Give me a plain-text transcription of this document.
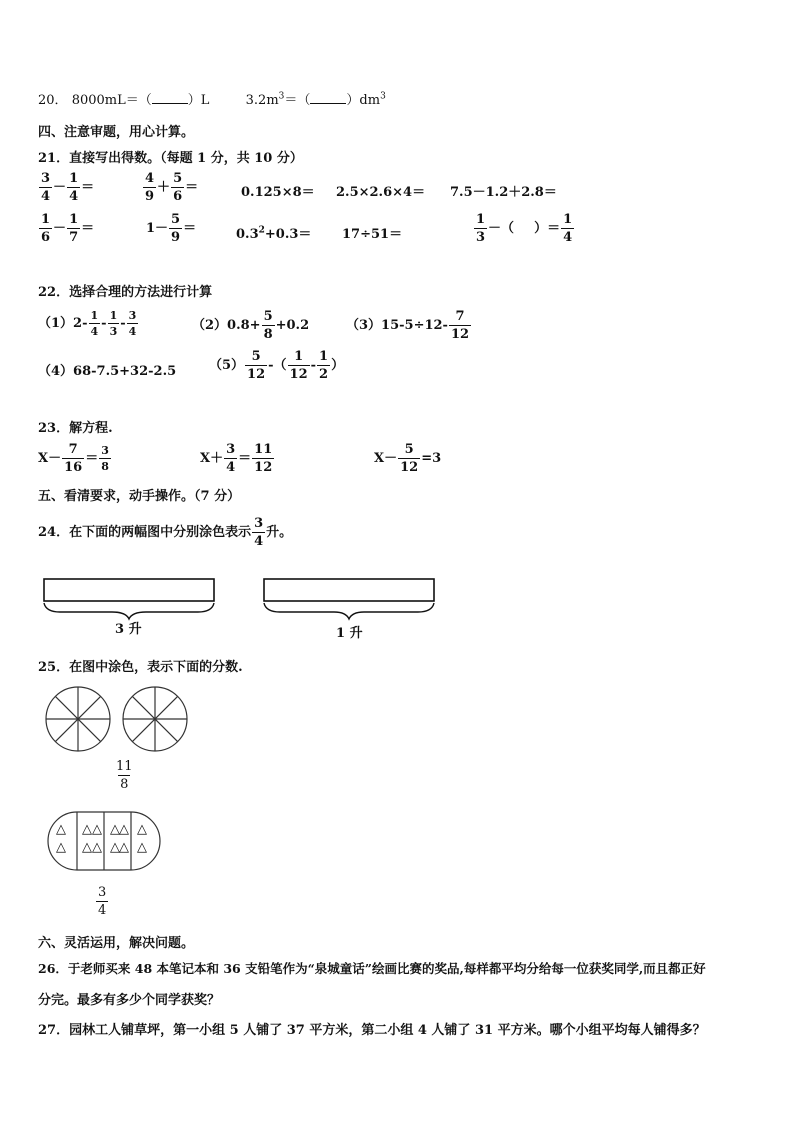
20． 8000mL＝（	）L	$3.2m^3=$（	）$dm^3$
四、注意审题，用心计算。
21．直接写出得数。（每题 1 分，共 10 分）
$\frac{3}{4} - \frac{1}{4}$ ＝	$\frac{4}{9} + \frac{5}{6}$ ＝	0.125×8＝ 2.5×2.6×4＝ 7.5－1.2＋2.8＝
$\frac{1}{6} - \frac{1}{7}$ ＝	$1- \frac{5}{9}$ ＝	$0.3^2+0.3= 17\div 51=$	$\frac{1}{3}$ －（ ）＝ $\frac{1}{4}$
22．选择合理的方法进行计算
$(1)2- \frac{1}{4} - \frac{1}{3} - \frac{3}{4}$	$(2)0.8+ \frac{5}{8} +0.2$	$(3)15-5\div 12- \frac{7}{12}$
（4）68-7.5+32-2.5	$(5) \frac{5}{12}$ -（ $\frac{1}{12} - \frac{1}{2}$ ）
23．解方程.
$X- \frac{7}{16} = \frac{3}{8}$	$X+ \frac{3}{4} = \frac{11}{12}$	$X- \frac{5}{12} =3$
五、看清要求，动手操作。（7 分）
24．在下面的两幅图中分别涂色表示 $\frac{3}{4}$ 升。
3 升	1 升
25．在图中涂色，表示下面的分数.
$\frac{11}{8}$
△
△
△
△
△
△
△
△
△
△
△
△
$\frac{3}{4}$
六、灵活运用，解决问题。
26．于老师买来 48 本笔记本和 36 支铅笔作为“泉城童话”绘画比赛的奖品,每样都平均分给每一位获奖同学,而且都正好
分完。最多有多少个同学获奖？
27．园林工人铺草坪，第一小组 5 人铺了 37 平方米，第二小组 4 人铺了 31 平方米。哪个小组平均每人铺得多？
